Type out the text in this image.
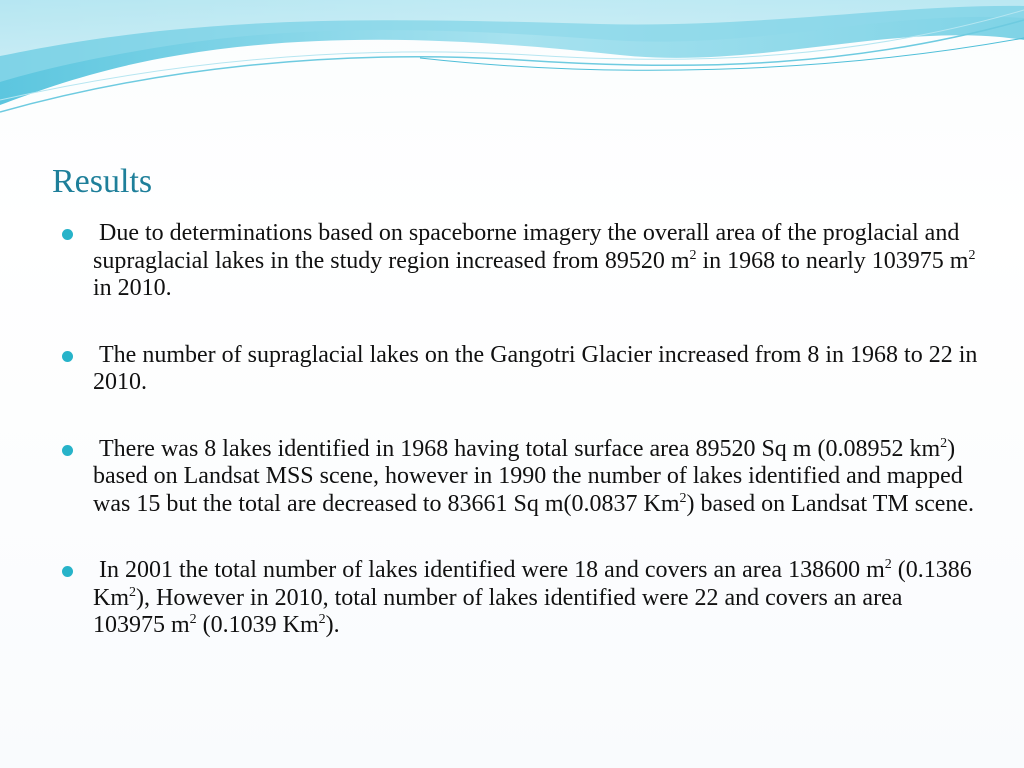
Results
Due to determinations based on spaceborne imagery the overall area of the proglacial and supraglacial lakes in the study region increased from 89520 $m^2$ in 1968 to nearly 103975 $m^2$ in 2010.
The number of supraglacial lakes on the Gangotri Glacier increased from 8 in 1968 to 22 in 2010.
There was 8 lakes identified in 1968 having total surface area 89520 Sq m (0.08952 $km^2$) based on Landsat MSS scene, however in 1990 the number of lakes identified and mapped was 15 but the total are decreased to 83661 Sq m(0.0837 Km$^2$) based on Landsat TM scene.
In 2001 the total number of lakes identified were 18 and covers an area 138600 $m^2$ (0.1386 Km$^2$), However in 2010, total number of lakes identified were 22 and covers an area 103975 $m^2$ (0.1039 Km$^2$).
